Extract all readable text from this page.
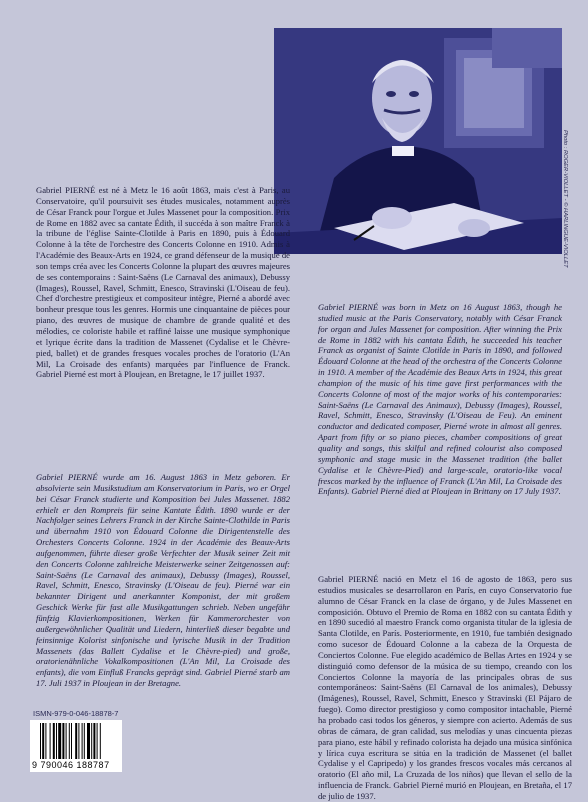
Photo : ROGER-VIOLLET - © HARLINGUE-VIOLLET

Gabriel PIERNÉ est né à Metz le 16 août 1863, mais c'est à Paris, au Conservatoire, qu'il poursuivit ses études musicales, notamment auprès de César Franck pour l'orgue et Jules Massenet pour la composition. Prix de Rome en 1882 avec sa cantate Édith, il succéda à son maître Franck à la tribune de l'église Sainte-Clotilde à Paris en 1890, puis à Édouard Colonne à la tête de l'orchestre des Concerts Colonne en 1910. Admis à l'Académie des Beaux-Arts en 1924, ce grand défenseur de la musique de son temps créa avec les Concerts Colonne la plupart des œuvres majeures de ses contemporains : Saint-Saëns (Le Carnaval des animaux), Debussy (Images), Roussel, Ravel, Schmitt, Enesco, Stravinski (L'Oiseau de feu). Chef d'orchestre prestigieux et compositeur intègre, Pierné a abordé avec bonheur presque tous les genres. Hormis une cinquantaine de pièces pour piano, des œuvres de musique de chambre de grande qualité et des mélodies, ce coloriste habile et raffiné laisse une musique symphonique et lyrique écrite dans la tradition de Massenet (Cydalise et le Chèvre-pied, ballet) et de grandes fresques vocales proches de l'oratorio (L'An Mil, La Croisade des enfants) marquées par l'influence de Franck. Gabriel Pierné est mort à Ploujean, en Bretagne, le 17 juillet 1937.

Gabriel PIERNÉ wurde am 16. August 1863 in Metz geboren. Er absolvierte sein Musikstudium am Konservatorium in Paris, wo er Orgel bei César Franck studierte und Komposition bei Jules Massenet. 1882 erhielt er den Rompreis für seine Kantate Édith. 1890 wurde er der Nachfolger seines Lehrers Franck in der Kirche Sainte-Clothilde in Paris und übernahm 1910 von Édouard Colonne die Dirigentenstelle des Orchesters Concerts Colonne. 1924 in der Académie des Beaux-Arts aufgenommen, führte dieser große Verfechter der Musik seiner Zeit mit den Concerts Colonne zahlreiche Meisterwerke seiner Zeitgenossen auf: Saint-Saëns (Le Carnaval des animaux), Debussy (Images), Roussel, Ravel, Schmitt, Enesco, Stravinsky (L'Oiseau de feu). Pierné war ein bekannter Dirigent und anerkannter Komponist, der mit großem Geschick Werke für fast alle Musikgattungen schrieb. Neben ungefähr fünfzig Klavierkompositionen, Werken für Kammerorchester von außergewöhnlicher Qualität und Liedern, hinterließ dieser begabte und feinsinnige Kolorist sinfonische und lyrische Musik in der Tradition Massenets (das Ballett Cydalise et le Chèvre-pied) und große, oratorienähnliche Vokalkompositionen (L'An Mil, La Croisade des enfants), die vom Einfluß Francks geprägt sind. Gabriel Pierné starb am 17. Juli 1937 in Ploujean in der Bretagne.

Gabriel PIERNÉ was born in Metz on 16 August 1863, though he studied music at the Paris Conservatory, notably with César Franck for organ and Jules Massenet for composition. After winning the Prix de Rome in 1882 with his cantata Édith, he succeeded his teacher Franck as organist of Sainte Clotilde in Paris in 1890, and followed Édouard Colonne at the head of the orchestra of the Concerts Colonne in 1910. A member of the Académie des Beaux Arts in 1924, this great champion of the music of his time gave first performances with the Concerts Colonne of most of the major works of his contemporaries: Saint-Saëns (Le Carnaval des Animaux), Debussy (Images), Roussel, Ravel, Schmitt, Enesco, Stravinsky (L'Oiseau de Feu). An eminent conductor and dedicated composer, Pierné wrote in almost all genres. Apart from fifty or so piano pieces, chamber compositions of great quality and songs, this skilful and refined colourist also composed symphonic and stage music in the Massenet tradition (the ballet Cydalise et le Chèvre-Pied) and large-scale, oratorio-like vocal frescos marked by the influence of Franck (L'An Mil, La Croisade des Enfants). Gabriel Pierné died at Ploujean in Brittany on 17 July 1937.

Gabriel PIERNÉ nació en Metz el 16 de agosto de 1863, pero sus estudios musicales se desarrollaron en París, en cuyo Conservatorio fue alumno de César Franck en la clase de órgano, y de Jules Massenet en composición. Obtuvo el Premio de Roma en 1882 con su cantata Édith y en 1890 sucedió al maestro Franck como organista titular de la iglesia de Santa Clotilde, en París. Posteriormente, en 1910, fue también designado como sucesor de Édouard Colonne a la cabeza de la Orquesta de Conciertos Colonne. Fue elegido académico de Bellas Artes en 1924 y se distinguió como defensor de la música de su tiempo, creando con los Conciertos Colonne la mayoría de las principales obras de sus contemporáneos: Saint-Saëns (El Carnaval de los animales), Debussy (Imágenes), Roussel, Ravel, Schmitt, Enesco y Stravinski (El Pájaro de fuego). Como director prestigioso y como compositor intachable, Pierné ha probado casi todos los géneros, y siempre con acierto. Además de sus obras de cámara, de gran calidad, sus melodías y unas cincuenta piezas para piano, este hábil y refinado colorista ha dejado una música sinfónica y lírica cuya escritura se sitúa en la tradición de Massenet (el ballet Cydalise y el Capripedo) y los grandes frescos vocales más cercanos al oratorio (El año mil, La Cruzada de los niños) que llevan el sello de la influencia de Franck. Gabriel Pierné murió en Ploujean, en Bretaña, el 17 de julio de 1937.

ISMN-979-0-046-18878-7
9 790046 188787
